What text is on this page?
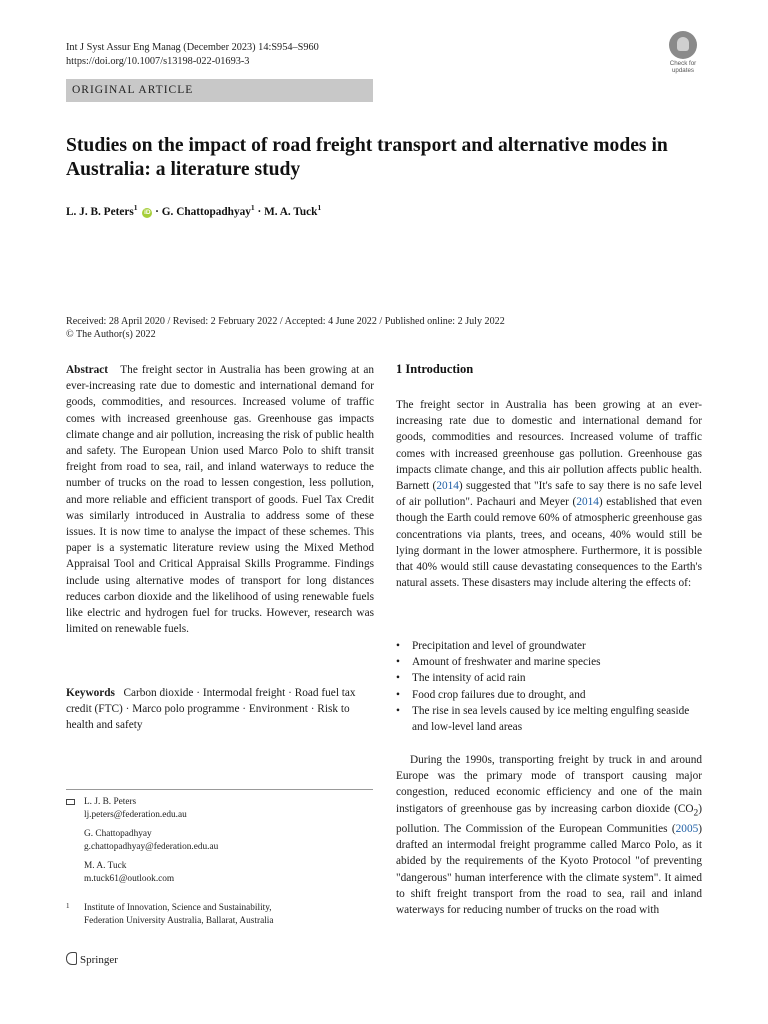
Int J Syst Assur Eng Manag (December 2023) 14:S954–S960
https://doi.org/10.1007/s13198-022-01693-3	Check for
updates
ORIGINAL ARTICLE
Studies on the impact of road freight transport and alternative modes in Australia: a literature study
L. J. B. Peters$^1$ iD · G. Chattopadhyay$^1$ · M. A. Tuck$^1$
Received: 28 April 2020 / Revised: 2 February 2022 / Accepted: 4 June 2022 / Published online: 2 July 2022
© The Author(s) 2022
Abstract The freight sector in Australia has been growing at an ever-increasing rate due to domestic and international demand for goods, commodities, and resources. Increased volume of traffic comes with increased greenhouse gas. Greenhouse gas impacts climate change and air pollution, increasing the risk of public health and safety. The European Union used Marco Polo to shift transit freight from road to sea, rail, and inland waterways to reduce the number of trucks on the road to lessen congestion, less pollution, and more reliable and efficient transport of goods. Fuel Tax Credit was similarly introduced in Australia to address some of these issues. It is now time to analyse the impact of these schemes. This paper is a systematic literature review using the Mixed Method Appraisal Tool and Critical Appraisal Skills Programme. Findings include using alternative modes of transport for long distances reduces carbon dioxide and the likelihood of using renewable fuels like electric and hydrogen fuel for trucks. However, research was limited on renewable fuels.
Keywords Carbon dioxide · Intermodal freight · Road fuel tax credit (FTC) · Marco polo programme · Environment · Risk to health and safety
L. J. B. Peters
lj.peters@federation.edu.au
G. Chattopadhyay
g.chattopadhyay@federation.edu.au
M. A. Tuck
m.tuck61@outlook.com
1 Institute of Innovation, Science and Sustainability,
Federation University Australia, Ballarat, Australia
Springer
1 Introduction
The freight sector in Australia has been growing at an ever-increasing rate due to domestic and international demand for goods, commodities and resources. Increased volume of traffic comes with increased greenhouse gas pollution. Greenhouse gas impacts climate change, and this air pollution affects public health. Barnett (2014) suggested that "It's safe to say there is no safe level of air pollution". Pachauri and Meyer (2014) established that even though the Earth could remove 60% of atmospheric greenhouse gas concentrations via plants, trees, and oceans, 40% would still be lying dormant in the lower atmosphere. Furthermore, it is possible that 40% would still cause devastating consequences to the Earth's natural assets. These disasters may include altering the effects of:
• Precipitation and level of groundwater
• Amount of freshwater and marine species
• The intensity of acid rain
• Food crop failures due to drought, and
• The rise in sea levels caused by ice melting engulfing seaside and low-level land areas
During the 1990s, transporting freight by truck in and around Europe was the primary mode of transport causing major congestion, reduced economic efficiency and one of the main instigators of greenhouse gas by increasing carbon dioxide $(CO_2)$ pollution. The Commission of the European Communities (2005) drafted an intermodal freight programme called Marco Polo, as it abided by the requirements of the Kyoto Protocol "of preventing "dangerous" human interference with the climate system". It aimed to shift freight transport from the road to sea, rail and inland waterways for reducing number of trucks on the road with
